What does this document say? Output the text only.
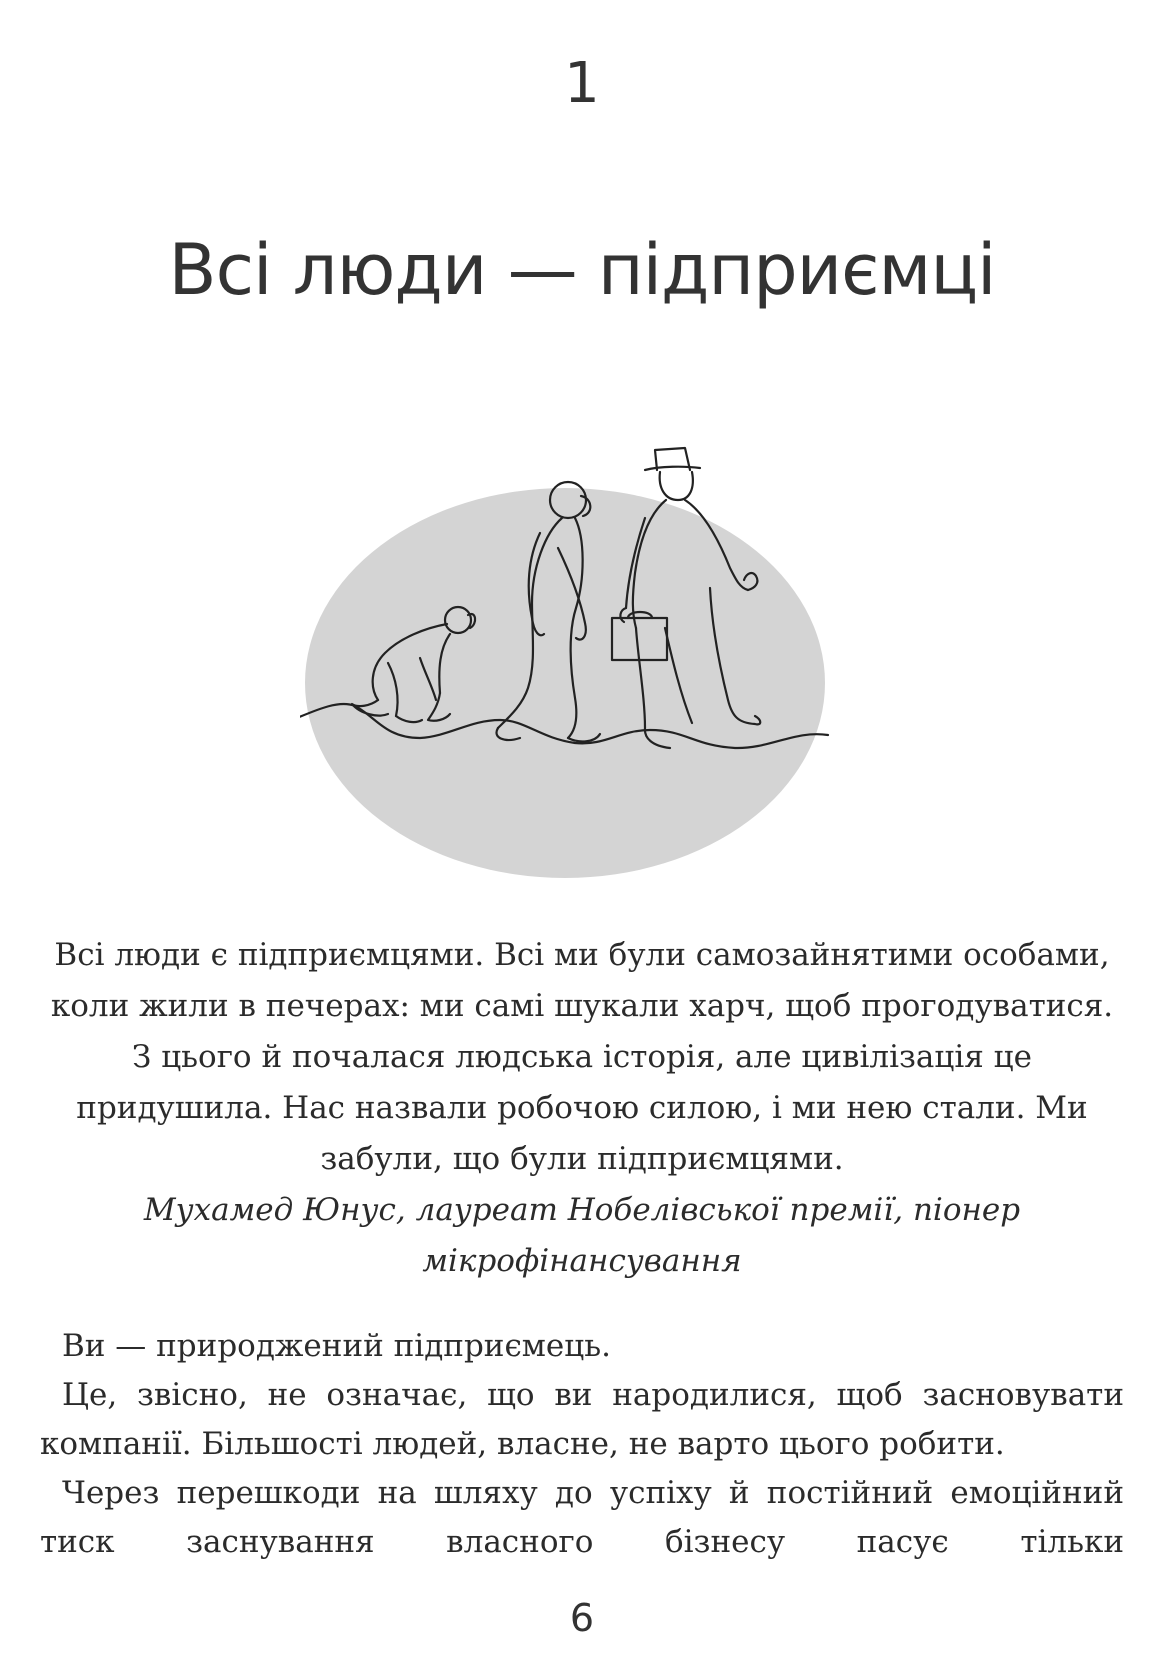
1
Всі люди — підприємці

Всі люди є підприємцями. Всі ми були самозайнятими особами, коли жили в печерах: ми самі шукали харч, щоб прогодуватися. З цього й почалася людська історія, але цивілізація це придушила. Нас назвали робочою силою, і ми нею стали. Ми забули, що були підприємцями.

Мухамед Юнус, лауреат Нобелівської премії, піонер мікрофінансування

Ви — природжений підприємець.

Це, звісно, не означає, що ви народилися, щоб засновувати компанії. Більшості людей, власне, не варто цього робити.

Через перешкоди на шляху до успіху й постійний емоційний тиск заснування власного бізнесу пасує тільки

6
